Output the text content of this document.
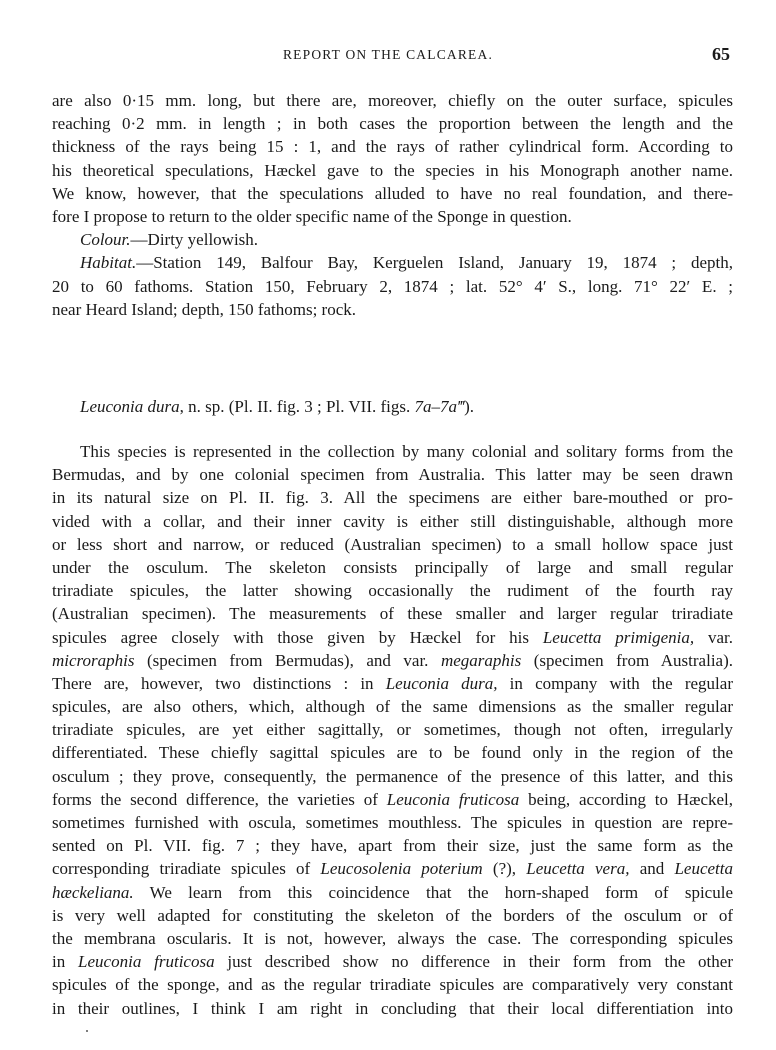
REPORT ON THE CALCAREA.	65
are also 0·15 mm. long, but there are, moreover, chiefly on the outer surface, spicules
reaching 0·2 mm. in length ; in both cases the proportion between the length and the
thickness of the rays being 15 : 1, and the rays of rather cylindrical form. According to
his theoretical speculations, Hæckel gave to the species in his Monograph another name.
We know, however, that the speculations alluded to have no real foundation, and there-
fore I propose to return to the older specific name of the Sponge in question.
Colour.—Dirty yellowish.
Habitat.—Station 149, Balfour Bay, Kerguelen Island, January 19, 1874 ; depth,
20 to 60 fathoms. Station 150, February 2, 1874 ; lat. 52° 4′ S., long. 71° 22′ E. ;
near Heard Island; depth, 150 fathoms; rock.
Leuconia dura, n. sp. (Pl. II. fig. 3 ; Pl. VII. figs. 7a–7a‴).
This species is represented in the collection by many colonial and solitary forms from the
Bermudas, and by one colonial specimen from Australia. This latter may be seen drawn
in its natural size on Pl. II. fig. 3. All the specimens are either bare-mouthed or pro-
vided with a collar, and their inner cavity is either still distinguishable, although more
or less short and narrow, or reduced (Australian specimen) to a small hollow space just
under the osculum. The skeleton consists principally of large and small regular
triradiate spicules, the latter showing occasionally the rudiment of the fourth ray
(Australian specimen). The measurements of these smaller and larger regular triradiate
spicules agree closely with those given by Hæckel for his Leucetta primigenia, var.
microraphis (specimen from Bermudas), and var. megaraphis (specimen from Australia).
There are, however, two distinctions : in Leuconia dura, in company with the regular
spicules, are also others, which, although of the same dimensions as the smaller regular
triradiate spicules, are yet either sagittally, or sometimes, though not often, irregularly
differentiated. These chiefly sagittal spicules are to be found only in the region of the
osculum ; they prove, consequently, the permanence of the presence of this latter, and this
forms the second difference, the varieties of Leuconia fruticosa being, according to Hæckel,
sometimes furnished with oscula, sometimes mouthless. The spicules in question are repre-
sented on Pl. VII. fig. 7 ; they have, apart from their size, just the same form as the
corresponding triradiate spicules of Leucosolenia poterium (?), Leucetta vera, and Leucetta
hæckeliana. We learn from this coincidence that the horn-shaped form of spicule
is very well adapted for constituting the skeleton of the borders of the osculum or of
the membrana oscularis. It is not, however, always the case. The corresponding spicules
in Leuconia fruticosa just described show no difference in their form from the other
spicules of the sponge, and as the regular triradiate spicules are comparatively very constant
in their outlines, I think I am right in concluding that their local differentiation into
